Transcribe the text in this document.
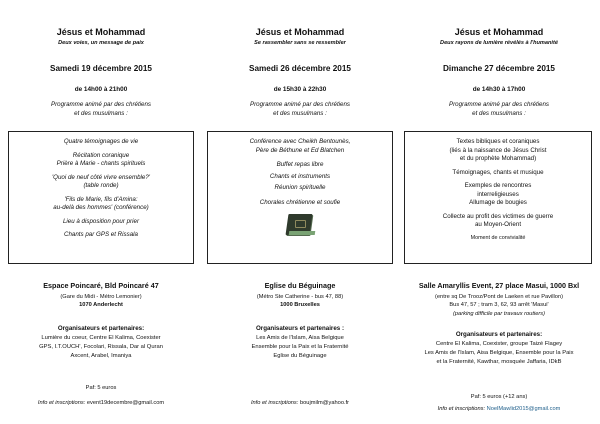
Jésus et Mohammad
Deux voies, un message de paix
Samedi 19 décembre 2015
de 14h00 à 21h00
Programme animé par des chrétiens
et des musulmans :

Quatre témoignages de vie

Récitation coranique
Prière à Marie - chants spirituels

'Quoi de neuf côté vivre ensemble?'
(table ronde)

'Fils de Marie, fils d'Amina:
au-delà des hommes' (conférence)

Lieu à disposition pour prier

Chants par GPS et Rissala

Espace Poincaré, Bld Poincaré 47
(Gare du Midi - Métro Lemonier)
1070 Anderlecht
Organisateurs et partenaires:
Lumière du coeur, Centre El Kalima, Coexister
GPS, I.T.OUCH', Focolari, Rissala, Dar al Quran
Axcent, Arabel, Imaniya
Paf: 5 euros
Info et inscriptions: event19decembre@gmail.com
Jésus et Mohammad
Se rassembler sans se ressembler
Samedi 26 décembre 2015
de 15h30 à 22h30
Programme animé par des chrétiens
et des musulmans :

Conférence avec Cheikh Bentounès,
Père de Béthune et Ed Blatchen

Buffet repas libre

Chants et instruments

Réunion spirituelle

Chorales chrétienne et soufie

Eglise du Béguinage
(Métro Ste Catherine - bus 47, 88)
1000 Bruxelles
Organisateurs et partenaires :
Les Amis de l'Islam, Aisa Belgique
Ensemble pour la Paix et la Fraternité
Eglise du Béguinage
Info et inscriptions: boujmilm@yahoo.fr
Jésus et Mohammad
Deux rayons de lumière révélés à l'humanité
Dimanche 27 décembre 2015
de 14h30 à 17h00
Programme animé par des chrétiens
et des musulmans :

Textes bibliques et coraniques
(liés à la naissance de Jésus Christ
et du prophète Mohammad)

Témoignages, chants et musique

Exemples de rencontres
interreligieuses
Allumage de bougies

Collecte au profit des victimes de guerre
au Moyen-Orient

Moment de convivialité

Salle Amaryllis Event, 27 place Masui, 1000 Bxl
(entre sq De Trooz/Pont de Laeken et rue Pavillon)
Bus 47, 57 ; tram 3, 62, 93 arrêt 'Masui'
(parking difficile par travaux routiers)
Organisateurs et partenaires:
Centre El Kalima, Coexister, groupe Taizé Flagey
Les Amis de l'Islam, Aisa Belgique, Ensemble pour la Paix
et la Fraternité, Kawthar, mosquée Jaffaria, IDkB
Paf: 5 euros (+12 ans)
Info et inscriptions: NoelMawlid2015@gmail.com
